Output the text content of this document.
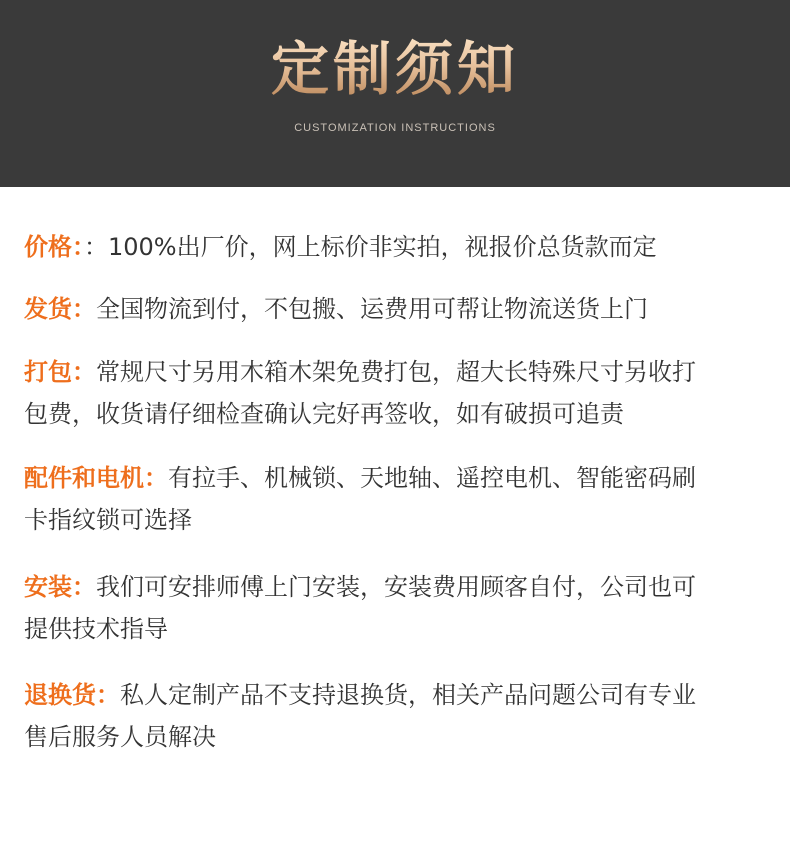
定制须知
CUSTOMIZATION INSTRUCTIONS
价格：：100%出厂价，网上标价非实拍，视报价总货款而定
发货：全国物流到付，不包搬、运费用可帮让物流送货上门
打包：常规尺寸另用木箱木架免费打包，超大长特殊尺寸另收打
包费，收货请仔细检查确认完好再签收，如有破损可追责
配件和电机：有拉手、机械锁、天地轴、遥控电机、智能密码刷
卡指纹锁可选择
安装：我们可安排师傅上门安装，安装费用顾客自付，公司也可
提供技术指导
退换货：私人定制产品不支持退换货，相关产品问题公司有专业
售后服务人员解决
